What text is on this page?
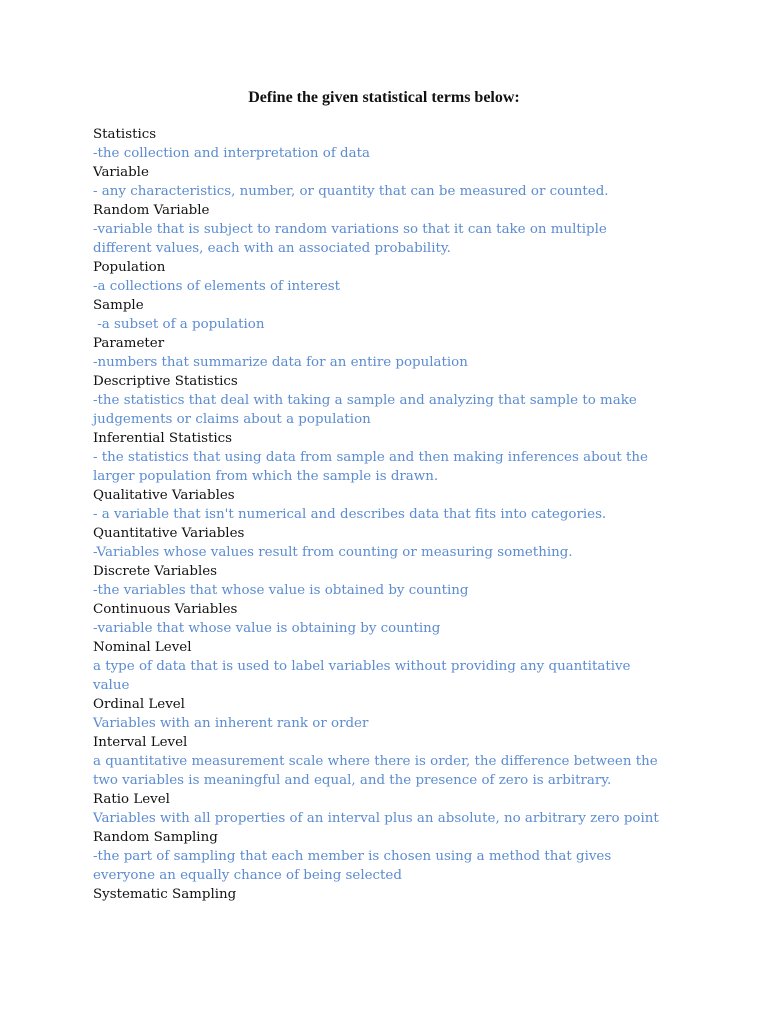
Define the given statistical terms below:
Statistics
-the collection and interpretation of data
Variable
- any characteristics, number, or quantity that can be measured or counted.
Random Variable
-variable that is subject to random variations so that it can take on multiple
different values, each with an associated probability.
Population
-a collections of elements of interest
Sample
-a subset of a population
Parameter
-numbers that summarize data for an entire population
Descriptive Statistics
-the statistics that deal with taking a sample and analyzing that sample to make
judgements or claims about a population
Inferential Statistics
- the statistics that using data from sample and then making inferences about the
larger population from which the sample is drawn.
Qualitative Variables
- a variable that isn't numerical and describes data that fits into categories.
Quantitative Variables
-Variables whose values result from counting or measuring something.
Discrete Variables
-the variables that whose value is obtained by counting
Continuous Variables
-variable that whose value is obtaining by counting
Nominal Level
a type of data that is used to label variables without providing any quantitative
value
Ordinal Level
Variables with an inherent rank or order
Interval Level
a quantitative measurement scale where there is order, the difference between the
two variables is meaningful and equal, and the presence of zero is arbitrary.
Ratio Level
Variables with all properties of an interval plus an absolute, no arbitrary zero point
Random Sampling
-the part of sampling that each member is chosen using a method that gives
everyone an equally chance of being selected
Systematic Sampling
